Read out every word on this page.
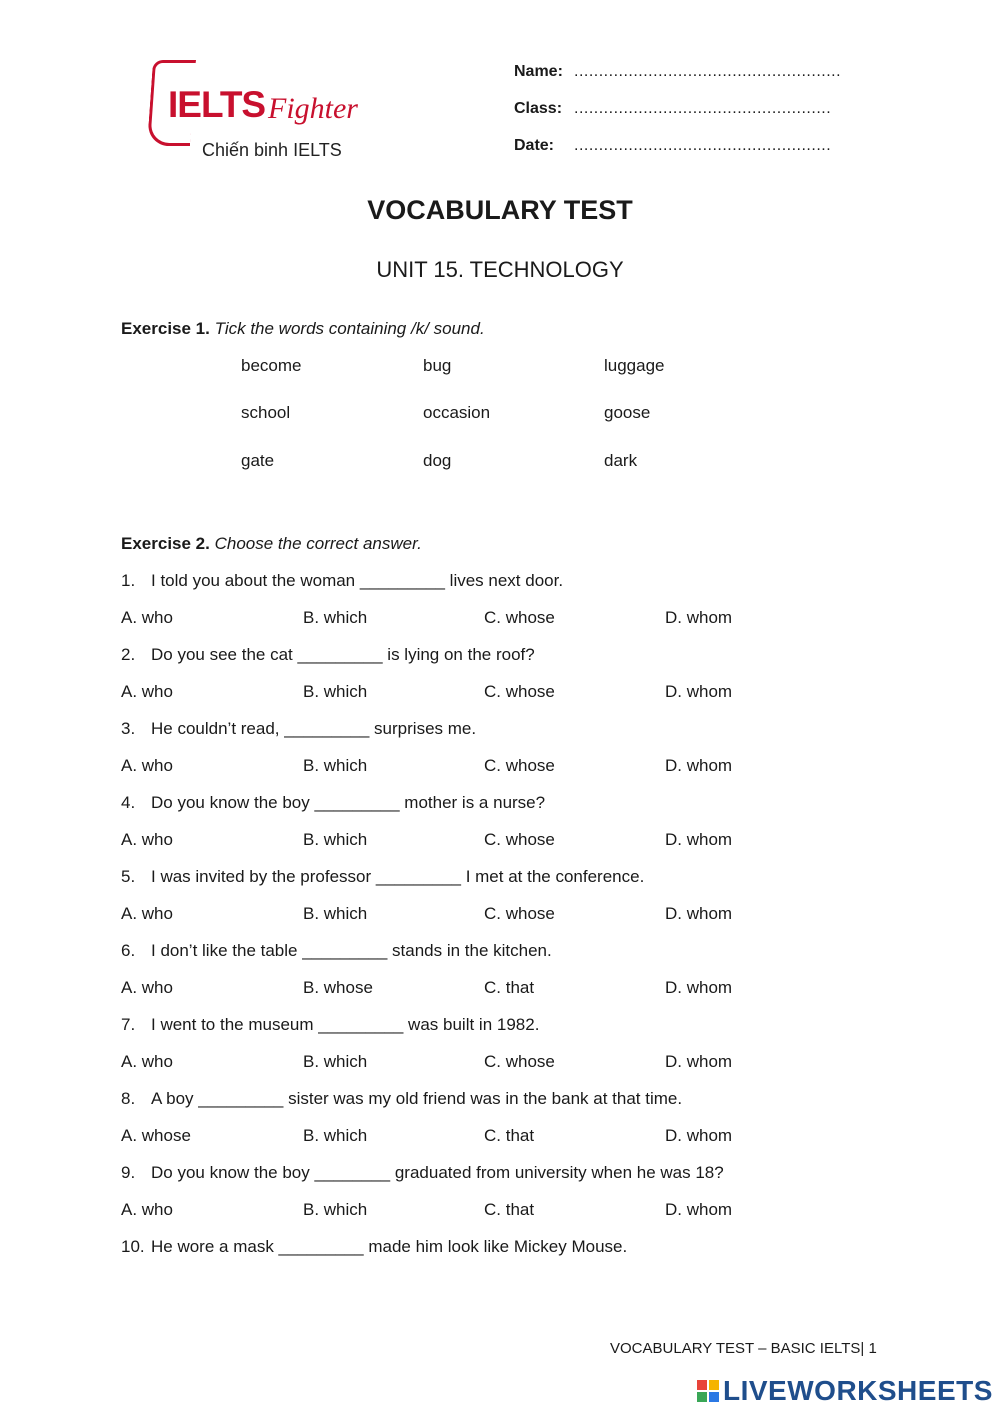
IELTS Fighter
Chiến binh IELTS
Name: ......................................................
Class: ....................................................
Date: ....................................................
VOCABULARY TEST
UNIT 15. TECHNOLOGY
Exercise 1. Tick the words containing /k/ sound.
become	bug	luggage
school	occasion	goose
gate	dog	dark
Exercise 2. Choose the correct answer.
1. I told you about the woman _________ lives next door.
A. who	B. which	C. whose	D. whom
2. Do you see the cat _________ is lying on the roof?
A. who	B. which	C. whose	D. whom
3. He couldn’t read, _________ surprises me.
A. who	B. which	C. whose	D. whom
4. Do you know the boy _________ mother is a nurse?
A. who	B. which	C. whose	D. whom
5. I was invited by the professor _________ I met at the conference.
A. who	B. which	C. whose	D. whom
6. I don’t like the table _________ stands in the kitchen.
A. who	B. whose	C. that	D. whom
7. I went to the museum _________ was built in 1982.
A. who	B. which	C. whose	D. whom
8. A boy _________ sister was my old friend was in the bank at that time.
A. whose	B. which	C. that	D. whom
9. Do you know the boy ________ graduated from university when he was 18?
A. who	B. which	C. that	D. whom
10. He wore a mask _________ made him look like Mickey Mouse.
VOCABULARY TEST – BASIC IELTS| 1
LIVEWORKSHEETS
